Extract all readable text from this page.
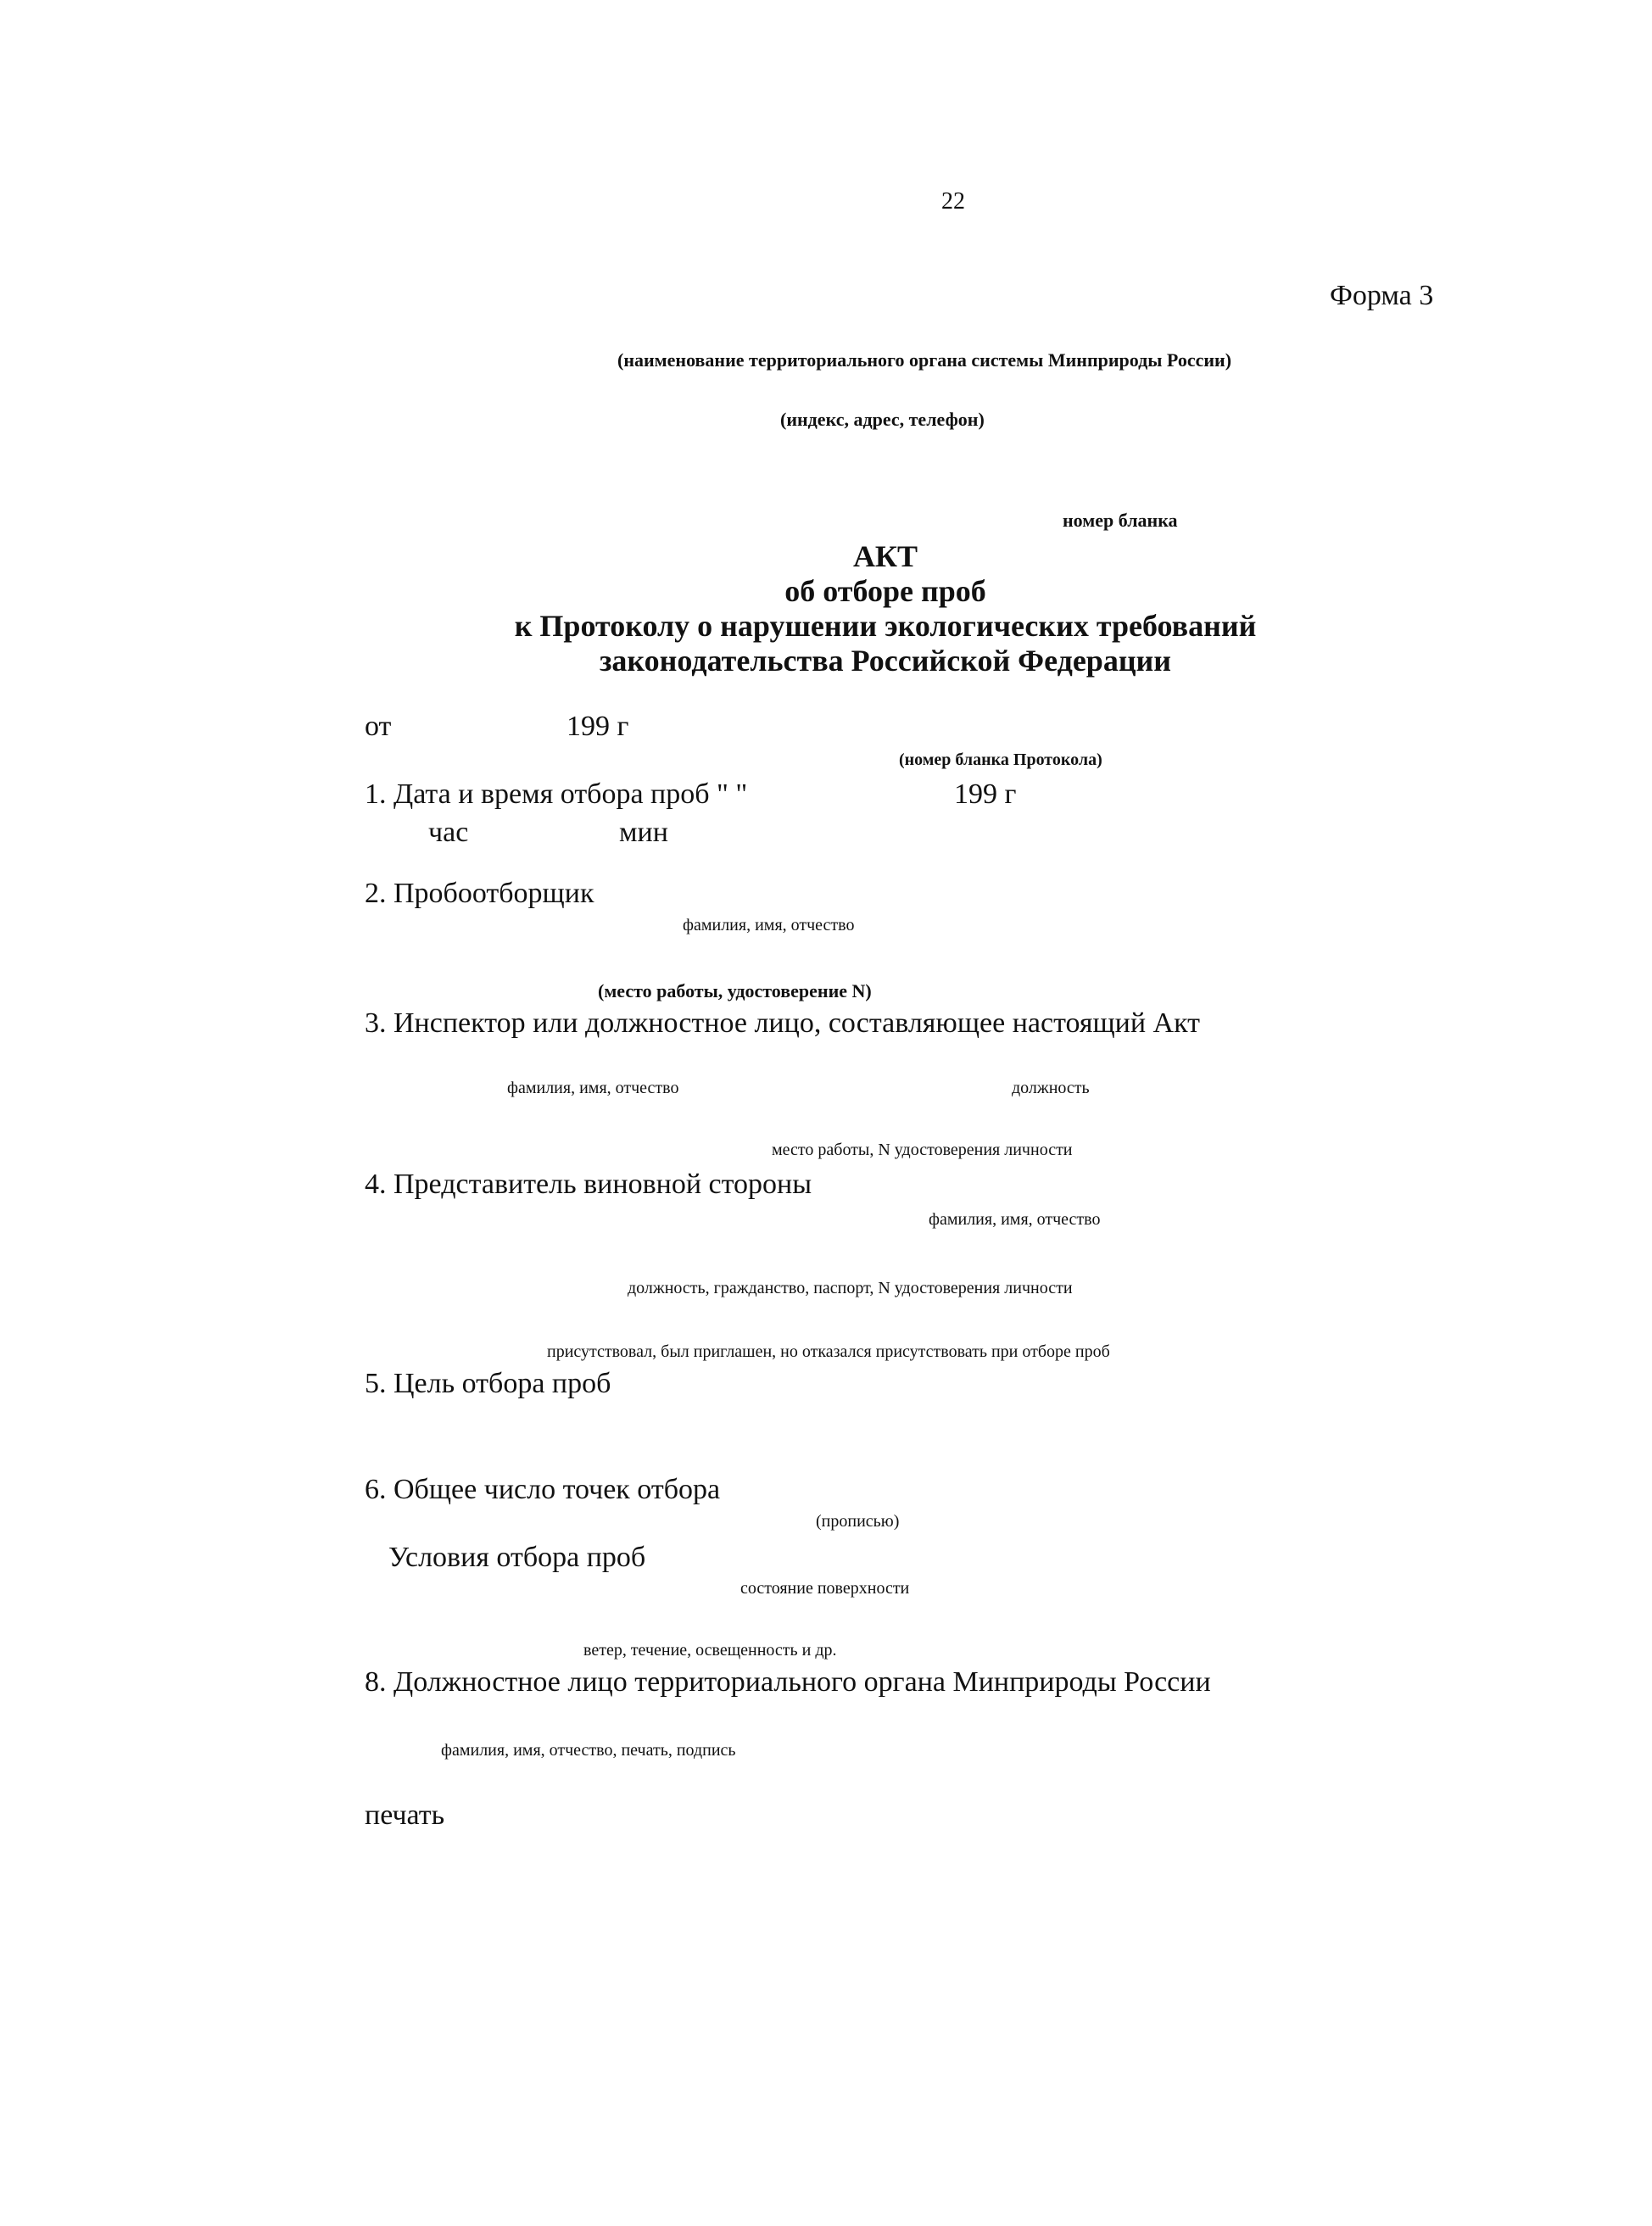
22
Форма 3
(наименование территориального органа системы Минприроды России)
(индекс, адрес, телефон)
номер бланка
АКТ
об отборе проб
к Протоколу о нарушении экологических требований
законодательства Российской Федерации
от	199 г
(номер бланка Протокола)
1. Дата и время отбора проб " "	199 г
час	мин
2. Пробоотборщик
фамилия, имя, отчество
(место работы, удостоверение N)
3. Инспектор или должностное лицо, составляющее настоящий Акт
фамилия, имя, отчество	должность
место работы, N удостоверения личности
4. Представитель виновной стороны
фамилия, имя, отчество
должность, гражданство, паспорт, N удостоверения личности
присутствовал, был приглашен, но отказался присутствовать при отборе проб
5. Цель отбора проб
6. Общее число точек отбора
(прописью)
Условия отбора проб
состояние поверхности
ветер, течение, освещенность и др.
8. Должностное лицо территориального органа Минприроды России
фамилия, имя, отчество, печать, подпись
печать
